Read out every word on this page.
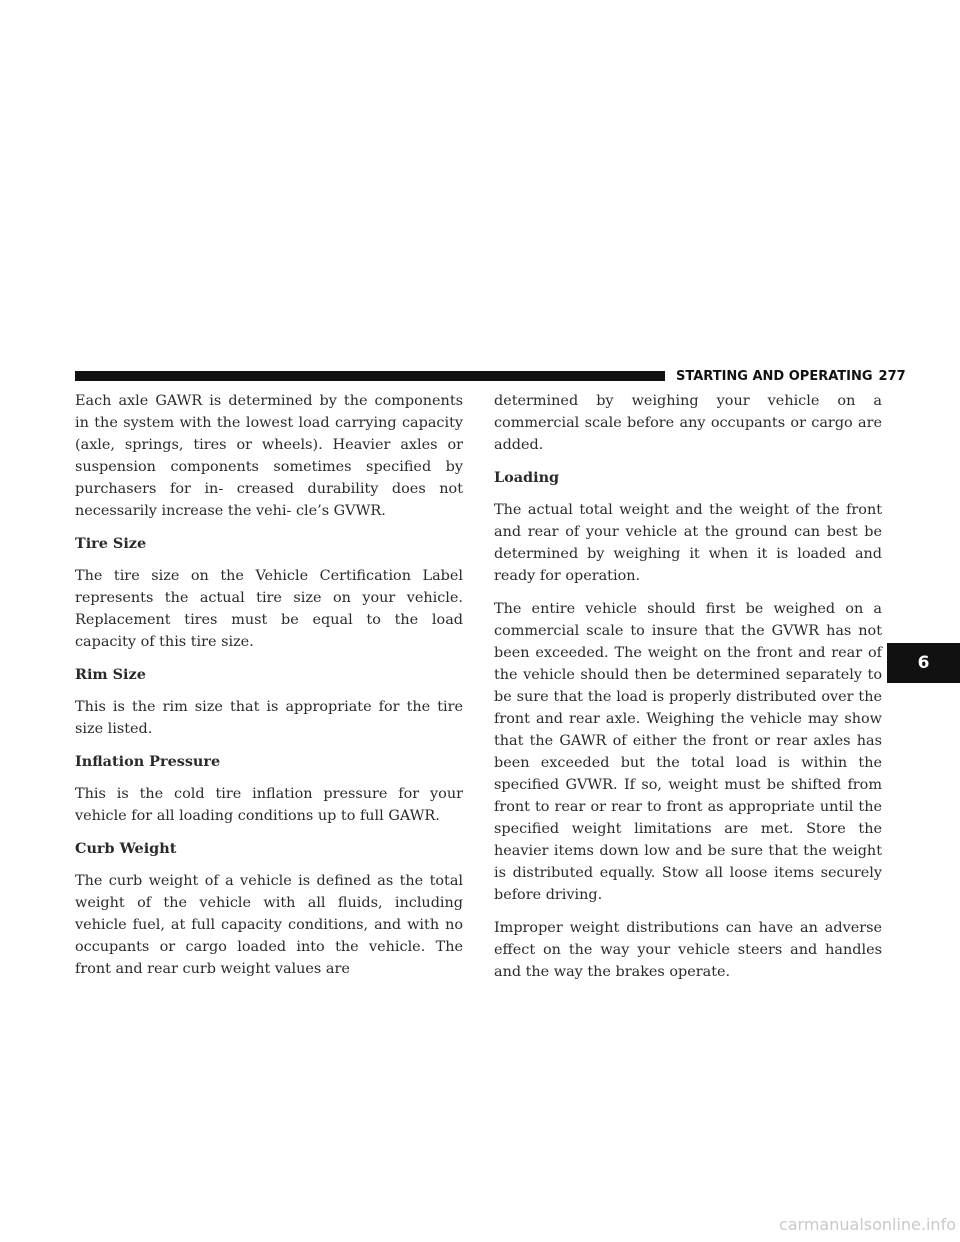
STARTING AND OPERATING 277

Each axle GAWR is determined by the components in the system with the lowest load carrying capacity (axle, springs, tires or wheels). Heavier axles or suspension components sometimes specified by purchasers for in- creased durability does not necessarily increase the vehi- cle’s GVWR.

Tire Size

The tire size on the Vehicle Certification Label represents the actual tire size on your vehicle. Replacement tires must be equal to the load capacity of this tire size.

Rim Size

This is the rim size that is appropriate for the tire size listed.

Inflation Pressure

This is the cold tire inflation pressure for your vehicle for all loading conditions up to full GAWR.

Curb Weight

The curb weight of a vehicle is defined as the total weight of the vehicle with all fluids, including vehicle fuel, at full capacity conditions, and with no occupants or cargo loaded into the vehicle. The front and rear curb weight values are

determined by weighing your vehicle on a commercial scale before any occupants or cargo are added.

Loading

The actual total weight and the weight of the front and rear of your vehicle at the ground can best be determined by weighing it when it is loaded and ready for operation.

The entire vehicle should first be weighed on a commercial scale to insure that the GVWR has not been exceeded. The weight on the front and rear of the vehicle should then be determined separately to be sure that the load is properly distributed over the front and rear axle. Weighing the vehicle may show that the GAWR of either the front or rear axles has been exceeded but the total load is within the specified GVWR. If so, weight must be shifted from front to rear or rear to front as appropriate until the specified weight limitations are met. Store the heavier items down low and be sure that the weight is distributed equally. Stow all loose items securely before driving.

Improper weight distributions can have an adverse effect on the way your vehicle steers and handles and the way the brakes operate.

6
carmanualsonline.info
